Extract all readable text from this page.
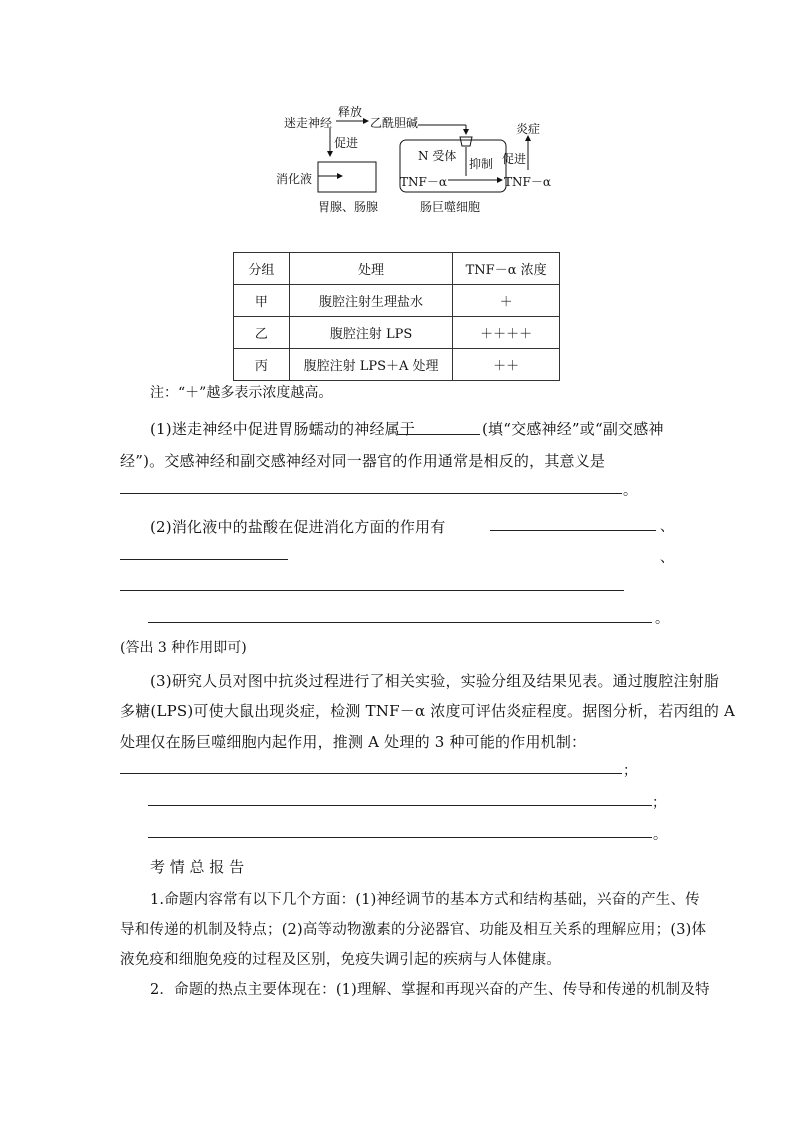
迷走神经
释放
乙酰胆碱
促进
消化液
胃腺、肠腺
N 受体
抑制
TNF－α
促进
TNF－α
炎症
肠巨噬细胞
分组	处理	TNF－α 浓度
甲	腹腔注射生理盐水	＋
乙	腹腔注射 LPS	＋＋＋＋
丙	腹腔注射 LPS＋A 处理	＋＋
注：“＋”越多表示浓度越高。
(1)迷走神经中促进胃肠蠕动的神经属于	(填“交感神经”或“副交感神
经”)。交感神经和副交感神经对同一器官的作用通常是相反的，其意义是
。
(2)消化液中的盐酸在促进消化方面的作用有	、
、
。
(答出 3 种作用即可)
(3)研究人员对图中抗炎过程进行了相关实验，实验分组及结果见表。通过腹腔注射脂
多糖(LPS)可使大鼠出现炎症，检测 TNF－α 浓度可评估炎症程度。据图分析，若丙组的 A
处理仅在肠巨噬细胞内起作用，推测 A 处理的 3 种可能的作用机制：
；
；
。
考 情 总 报 告
1.命题内容常有以下几个方面：(1)神经调节的基本方式和结构基础，兴奋的产生、传
导和传递的机制及特点；(2)高等动物激素的分泌器官、功能及相互关系的理解应用；(3)体
液免疫和细胞免疫的过程及区别，免疫失调引起的疾病与人体健康。
2．命题的热点主要体现在：(1)理解、掌握和再现兴奋的产生、传导和传递的机制及特
